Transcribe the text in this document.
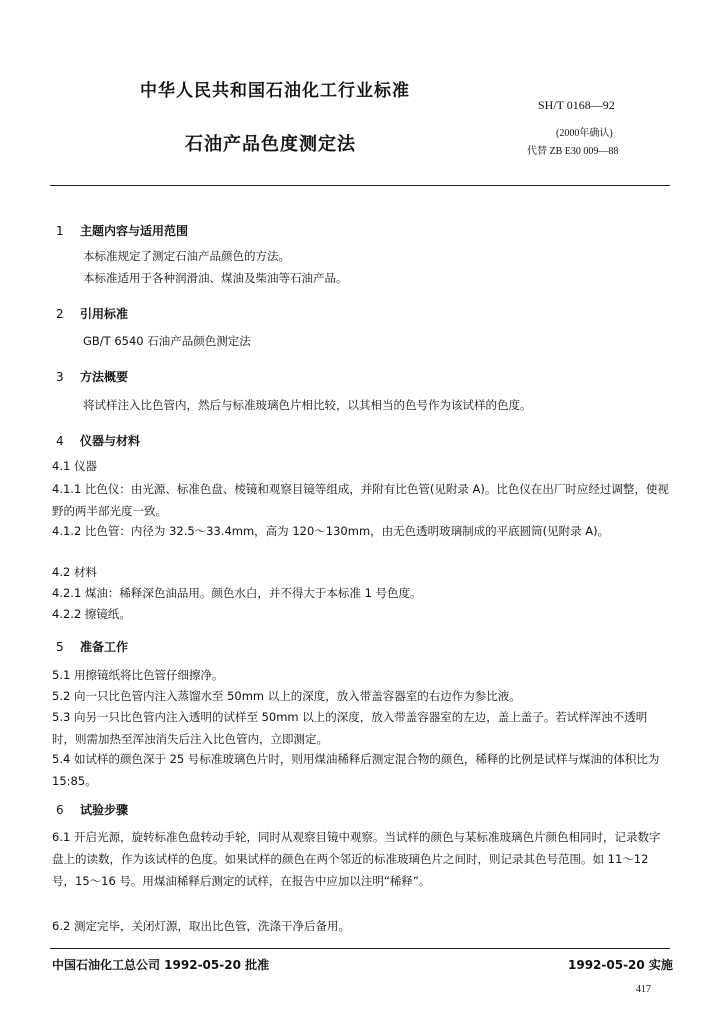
中华人民共和国石油化工行业标准
SH/T 0168—92
石油产品色度测定法
(2000年确认)
代替 ZB E30 009—88
1 主题内容与适用范围
本标准规定了测定石油产品颜色的方法。
本标准适用于各种润滑油、煤油及柴油等石油产品。
2 引用标准
GB/T 6540 石油产品颜色测定法
3 方法概要
将试样注入比色管内，然后与标准玻璃色片相比较，以其相当的色号作为该试样的色度。
4 仪器与材料
4.1 仪器
4.1.1 比色仪：由光源、标准色盘、棱镜和观察目镜等组成，并附有比色管(见附录 A)。比色仪在出厂时应经过调整，使视野的两半部光度一致。
4.1.2 比色管：内径为 32.5～33.4mm，高为 120～130mm，由无色透明玻璃制成的平底圆筒(见附录 A)。
4.2 材料
4.2.1 煤油：稀释深色油品用。颜色水白，并不得大于本标准 1 号色度。
4.2.2 擦镜纸。
5 准备工作
5.1 用擦镜纸将比色管仔细擦净。
5.2 向一只比色管内注入蒸馏水至 50mm 以上的深度，放入带盖容器室的右边作为参比液。
5.3 向另一只比色管内注入透明的试样至 50mm 以上的深度，放入带盖容器室的左边，盖上盖子。若试样浑浊不透明时，则需加热至浑浊消失后注入比色管内，立即测定。
5.4 如试样的颜色深于 25 号标准玻璃色片时，则用煤油稀释后测定混合物的颜色，稀释的比例是试样与煤油的体积比为 15:85。
6 试验步骤
6.1 开启光源，旋转标准色盘转动手轮，同时从观察目镜中观察。当试样的颜色与某标准玻璃色片颜色相同时，记录数字盘上的读数，作为该试样的色度。如果试样的颜色在两个邻近的标准玻璃色片之间时，则记录其色号范围。如 11～12 号，15～16 号。用煤油稀释后测定的试样，在报告中应加以注明“稀释”。
6.2 测定完毕，关闭灯源，取出比色管，洗涤干净后备用。
中国石油化工总公司 1992-05-20 批准	1992-05-20 实施
417
